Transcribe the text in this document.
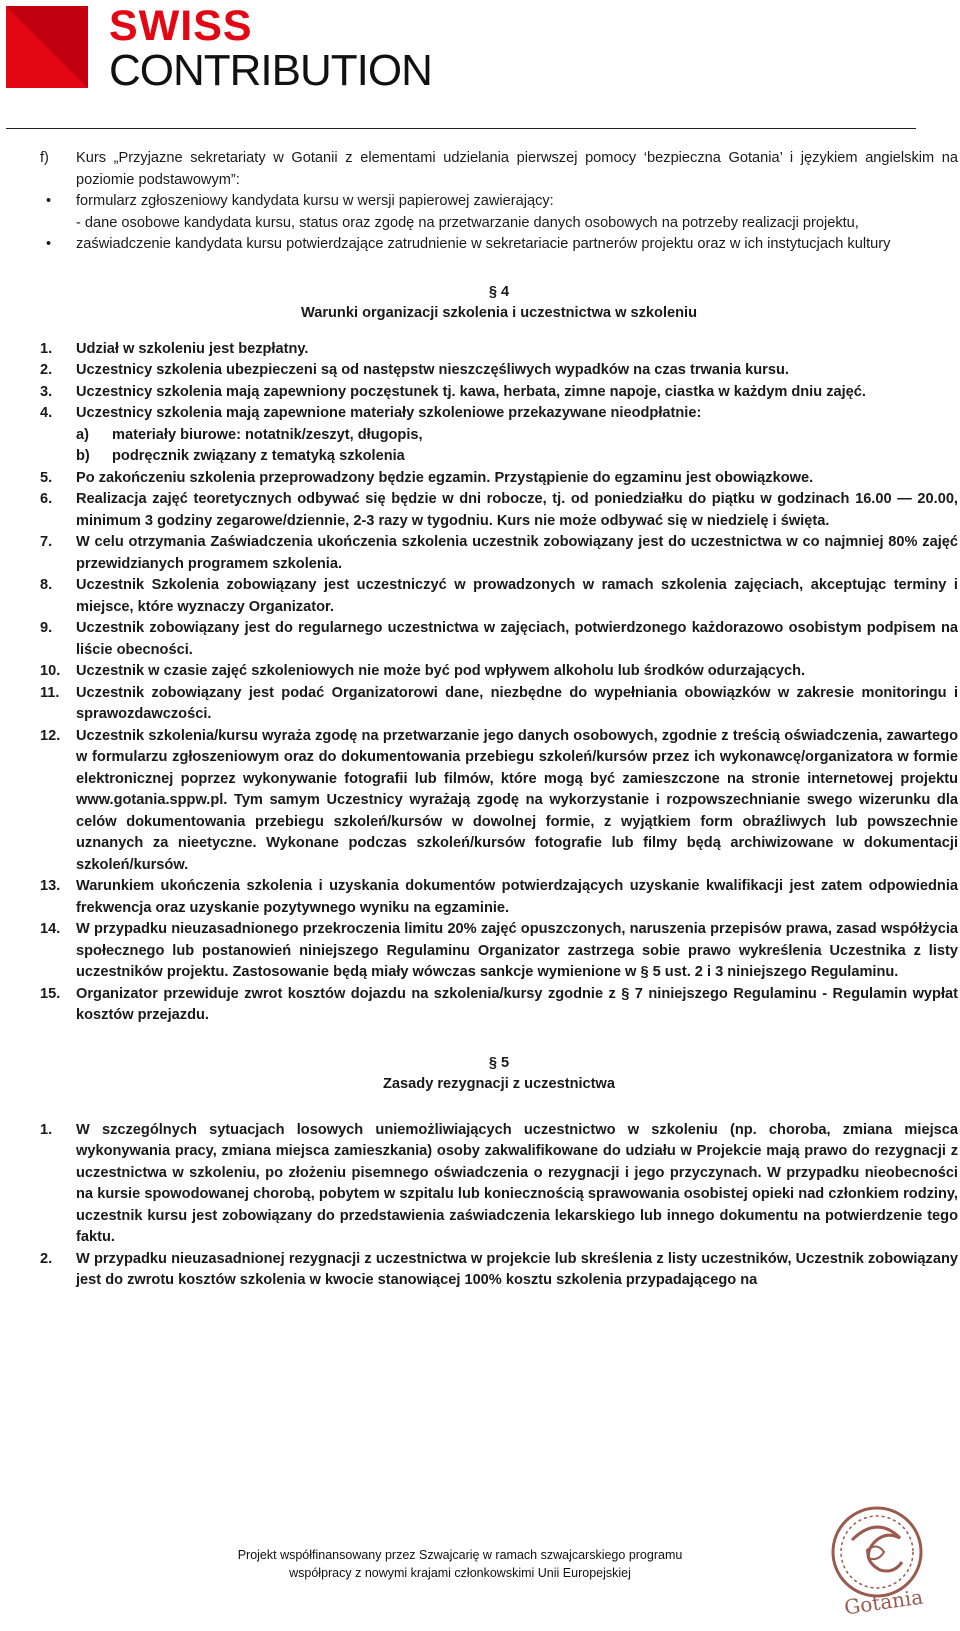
SWISS
CONTRIBUTION
f) Kurs „Przyjazne sekretariaty w Gotanii z elementami udzielania pierwszej pomocy ‘bezpieczna Gotania’ i językiem angielskim na poziomie podstawowym”:
• formularz zgłoszeniowy kandydata kursu w wersji papierowej zawierający:
- dane osobowe kandydata kursu, status oraz zgodę na przetwarzanie danych osobowych na potrzeby realizacji projektu,
• zaświadczenie kandydata kursu potwierdzające zatrudnienie w sekretariacie partnerów projektu oraz w ich instytucjach kultury
§ 4
Warunki organizacji szkolenia i uczestnictwa w szkoleniu
1. Udział w szkoleniu jest bezpłatny.
2. Uczestnicy szkolenia ubezpieczeni są od następstw nieszczęśliwych wypadków na czas trwania kursu.
3. Uczestnicy szkolenia mają zapewniony poczęstunek tj. kawa, herbata, zimne napoje, ciastka w każdym dniu zajęć.
4. Uczestnicy szkolenia mają zapewnione materiały szkoleniowe przekazywane nieodpłatnie:
a) materiały biurowe: notatnik/zeszyt, długopis,
b) podręcznik związany z tematyką szkolenia
5. Po zakończeniu szkolenia przeprowadzony będzie egzamin. Przystąpienie do egzaminu jest obowiązkowe.
6. Realizacja zajęć teoretycznych odbywać się będzie w dni robocze, tj. od poniedziałku do piątku w godzinach 16.00 — 20.00, minimum 3 godziny zegarowe/dziennie, 2-3 razy w tygodniu. Kurs nie może odbywać się w niedzielę i święta.
7. W celu otrzymania Zaświadczenia ukończenia szkolenia uczestnik zobowiązany jest do uczestnictwa w co najmniej 80% zajęć przewidzianych programem szkolenia.
8. Uczestnik Szkolenia zobowiązany jest uczestniczyć w prowadzonych w ramach szkolenia zajęciach, akceptując terminy i miejsce, które wyznaczy Organizator.
9. Uczestnik zobowiązany jest do regularnego uczestnictwa w zajęciach, potwierdzonego każdorazowo osobistym podpisem na liście obecności.
10. Uczestnik w czasie zajęć szkoleniowych nie może być pod wpływem alkoholu lub środków odurzających.
11. Uczestnik zobowiązany jest podać Organizatorowi dane, niezbędne do wypełniania obowiązków w zakresie monitoringu i sprawozdawczości.
12. Uczestnik szkolenia/kursu wyraża zgodę na przetwarzanie jego danych osobowych, zgodnie z treścią oświadczenia, zawartego w formularzu zgłoszeniowym oraz do dokumentowania przebiegu szkoleń/kursów przez ich wykonawcę/organizatora w formie elektronicznej poprzez wykonywanie fotografii lub filmów, które mogą być zamieszczone na stronie internetowej projektu www.gotania.sppw.pl. Tym samym Uczestnicy wyrażają zgodę na wykorzystanie i rozpowszechnianie swego wizerunku dla celów dokumentowania przebiegu szkoleń/kursów w dowolnej formie, z wyjątkiem form obraźliwych lub powszechnie uznanych za nieetyczne. Wykonane podczas szkoleń/kursów fotografie lub filmy będą archiwizowane w dokumentacji szkoleń/kursów.
13. Warunkiem ukończenia szkolenia i uzyskania dokumentów potwierdzających uzyskanie kwalifikacji jest zatem odpowiednia frekwencja oraz uzyskanie pozytywnego wyniku na egzaminie.
14. W przypadku nieuzasadnionego przekroczenia limitu 20% zajęć opuszczonych, naruszenia przepisów prawa, zasad współżycia społecznego lub postanowień niniejszego Regulaminu Organizator zastrzega sobie prawo wykreślenia Uczestnika z listy uczestników projektu. Zastosowanie będą miały wówczas sankcje wymienione w § 5 ust. 2 i 3 niniejszego Regulaminu.
15. Organizator przewiduje zwrot kosztów dojazdu na szkolenia/kursy zgodnie z § 7 niniejszego Regulaminu - Regulamin wypłat kosztów przejazdu.
§ 5
Zasady rezygnacji z uczestnictwa
1. W szczególnych sytuacjach losowych uniemożliwiających uczestnictwo w szkoleniu (np. choroba, zmiana miejsca wykonywania pracy, zmiana miejsca zamieszkania) osoby zakwalifikowane do udziału w Projekcie mają prawo do rezygnacji z uczestnictwa w szkoleniu, po złożeniu pisemnego oświadczenia o rezygnacji i jego przyczynach. W przypadku nieobecności na kursie spowodowanej chorobą, pobytem w szpitalu lub koniecznością sprawowania osobistej opieki nad członkiem rodziny, uczestnik kursu jest zobowiązany do przedstawienia zaświadczenia lekarskiego lub innego dokumentu na potwierdzenie tego faktu.
2. W przypadku nieuzasadnionej rezygnacji z uczestnictwa w projekcie lub skreślenia z listy uczestników, Uczestnik zobowiązany jest do zwrotu kosztów szkolenia w kwocie stanowiącej 100% kosztu szkolenia przypadającego na
Projekt współfinansowany przez Szwajcarię w ramach szwajcarskiego programu
współpracy z nowymi krajami członkowskimi Unii Europejskiej
Gotania
